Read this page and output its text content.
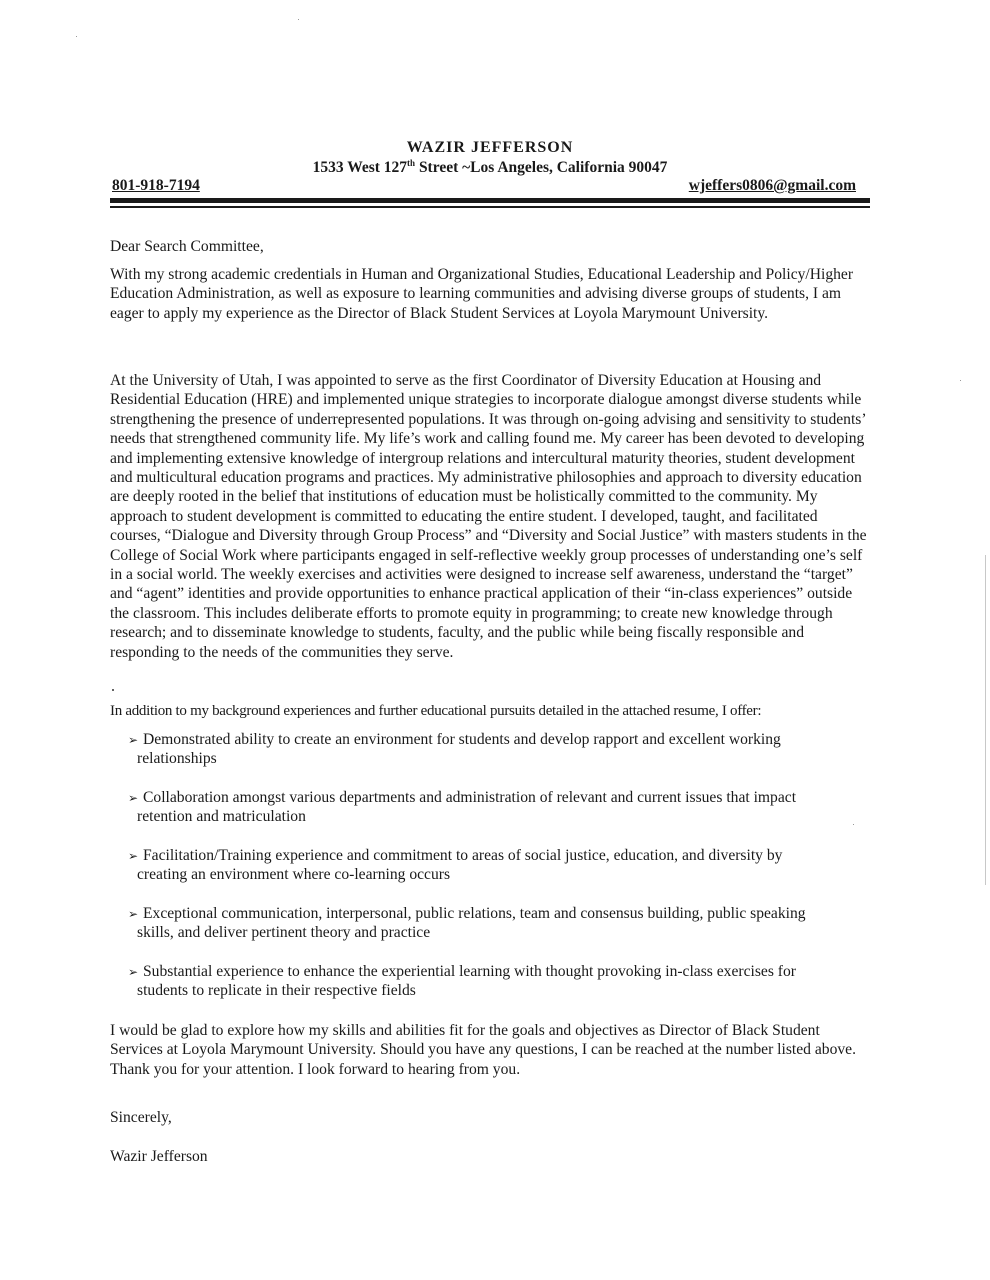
WAZIR JEFFERSON
1533 West 127th Street ~Los Angeles, California 90047
801-918-7194	wjeffers0806@gmail.com
Dear Search Committee,
With my strong academic credentials in Human and Organizational Studies, Educational Leadership and Policy/Higher Education Administration, as well as exposure to learning communities and advising diverse groups of students, I am eager to apply my experience as the Director of Black Student Services at Loyola Marymount University.
At the University of Utah, I was appointed to serve as the first Coordinator of Diversity Education at Housing and Residential Education (HRE) and implemented unique strategies to incorporate dialogue amongst diverse students while strengthening the presence of underrepresented populations. It was through on-going advising and sensitivity to students’ needs that strengthened community life. My life’s work and calling found me. My career has been devoted to developing and implementing extensive knowledge of intergroup relations and intercultural maturity theories, student development and multicultural education programs and practices. My administrative philosophies and approach to diversity education are deeply rooted in the belief that institutions of education must be holistically committed to the community. My approach to student development is committed to educating the entire student. I developed, taught, and facilitated courses, “Dialogue and Diversity through Group Process” and “Diversity and Social Justice” with masters students in the College of Social Work where participants engaged in self-reflective weekly group processes of understanding one’s self in a social world. The weekly exercises and activities were designed to increase self awareness, understand the “target” and “agent” identities and provide opportunities to enhance practical application of their “in-class experiences” outside the classroom. This includes deliberate efforts to promote equity in programming; to create new knowledge through research; and to disseminate knowledge to students, faculty, and the public while being fiscally responsible and responding to the needs of the communities they serve.
In addition to my background experiences and further educational pursuits detailed in the attached resume, I offer:
➢ Demonstrated ability to create an environment for students and develop rapport and excellent working
relationships
➢ Collaboration amongst various departments and administration of relevant and current issues that impact
retention and matriculation
➢ Facilitation/Training experience and commitment to areas of social justice, education, and diversity by
creating an environment where co-learning occurs
➢ Exceptional communication, interpersonal, public relations, team and consensus building, public speaking
skills, and deliver pertinent theory and practice
➢ Substantial experience to enhance the experiential learning with thought provoking in-class exercises for
students to replicate in their respective fields
I would be glad to explore how my skills and abilities fit for the goals and objectives as Director of Black Student Services at Loyola Marymount University. Should you have any questions, I can be reached at the number listed above. Thank you for your attention. I look forward to hearing from you.
Sincerely,
Wazir Jefferson
